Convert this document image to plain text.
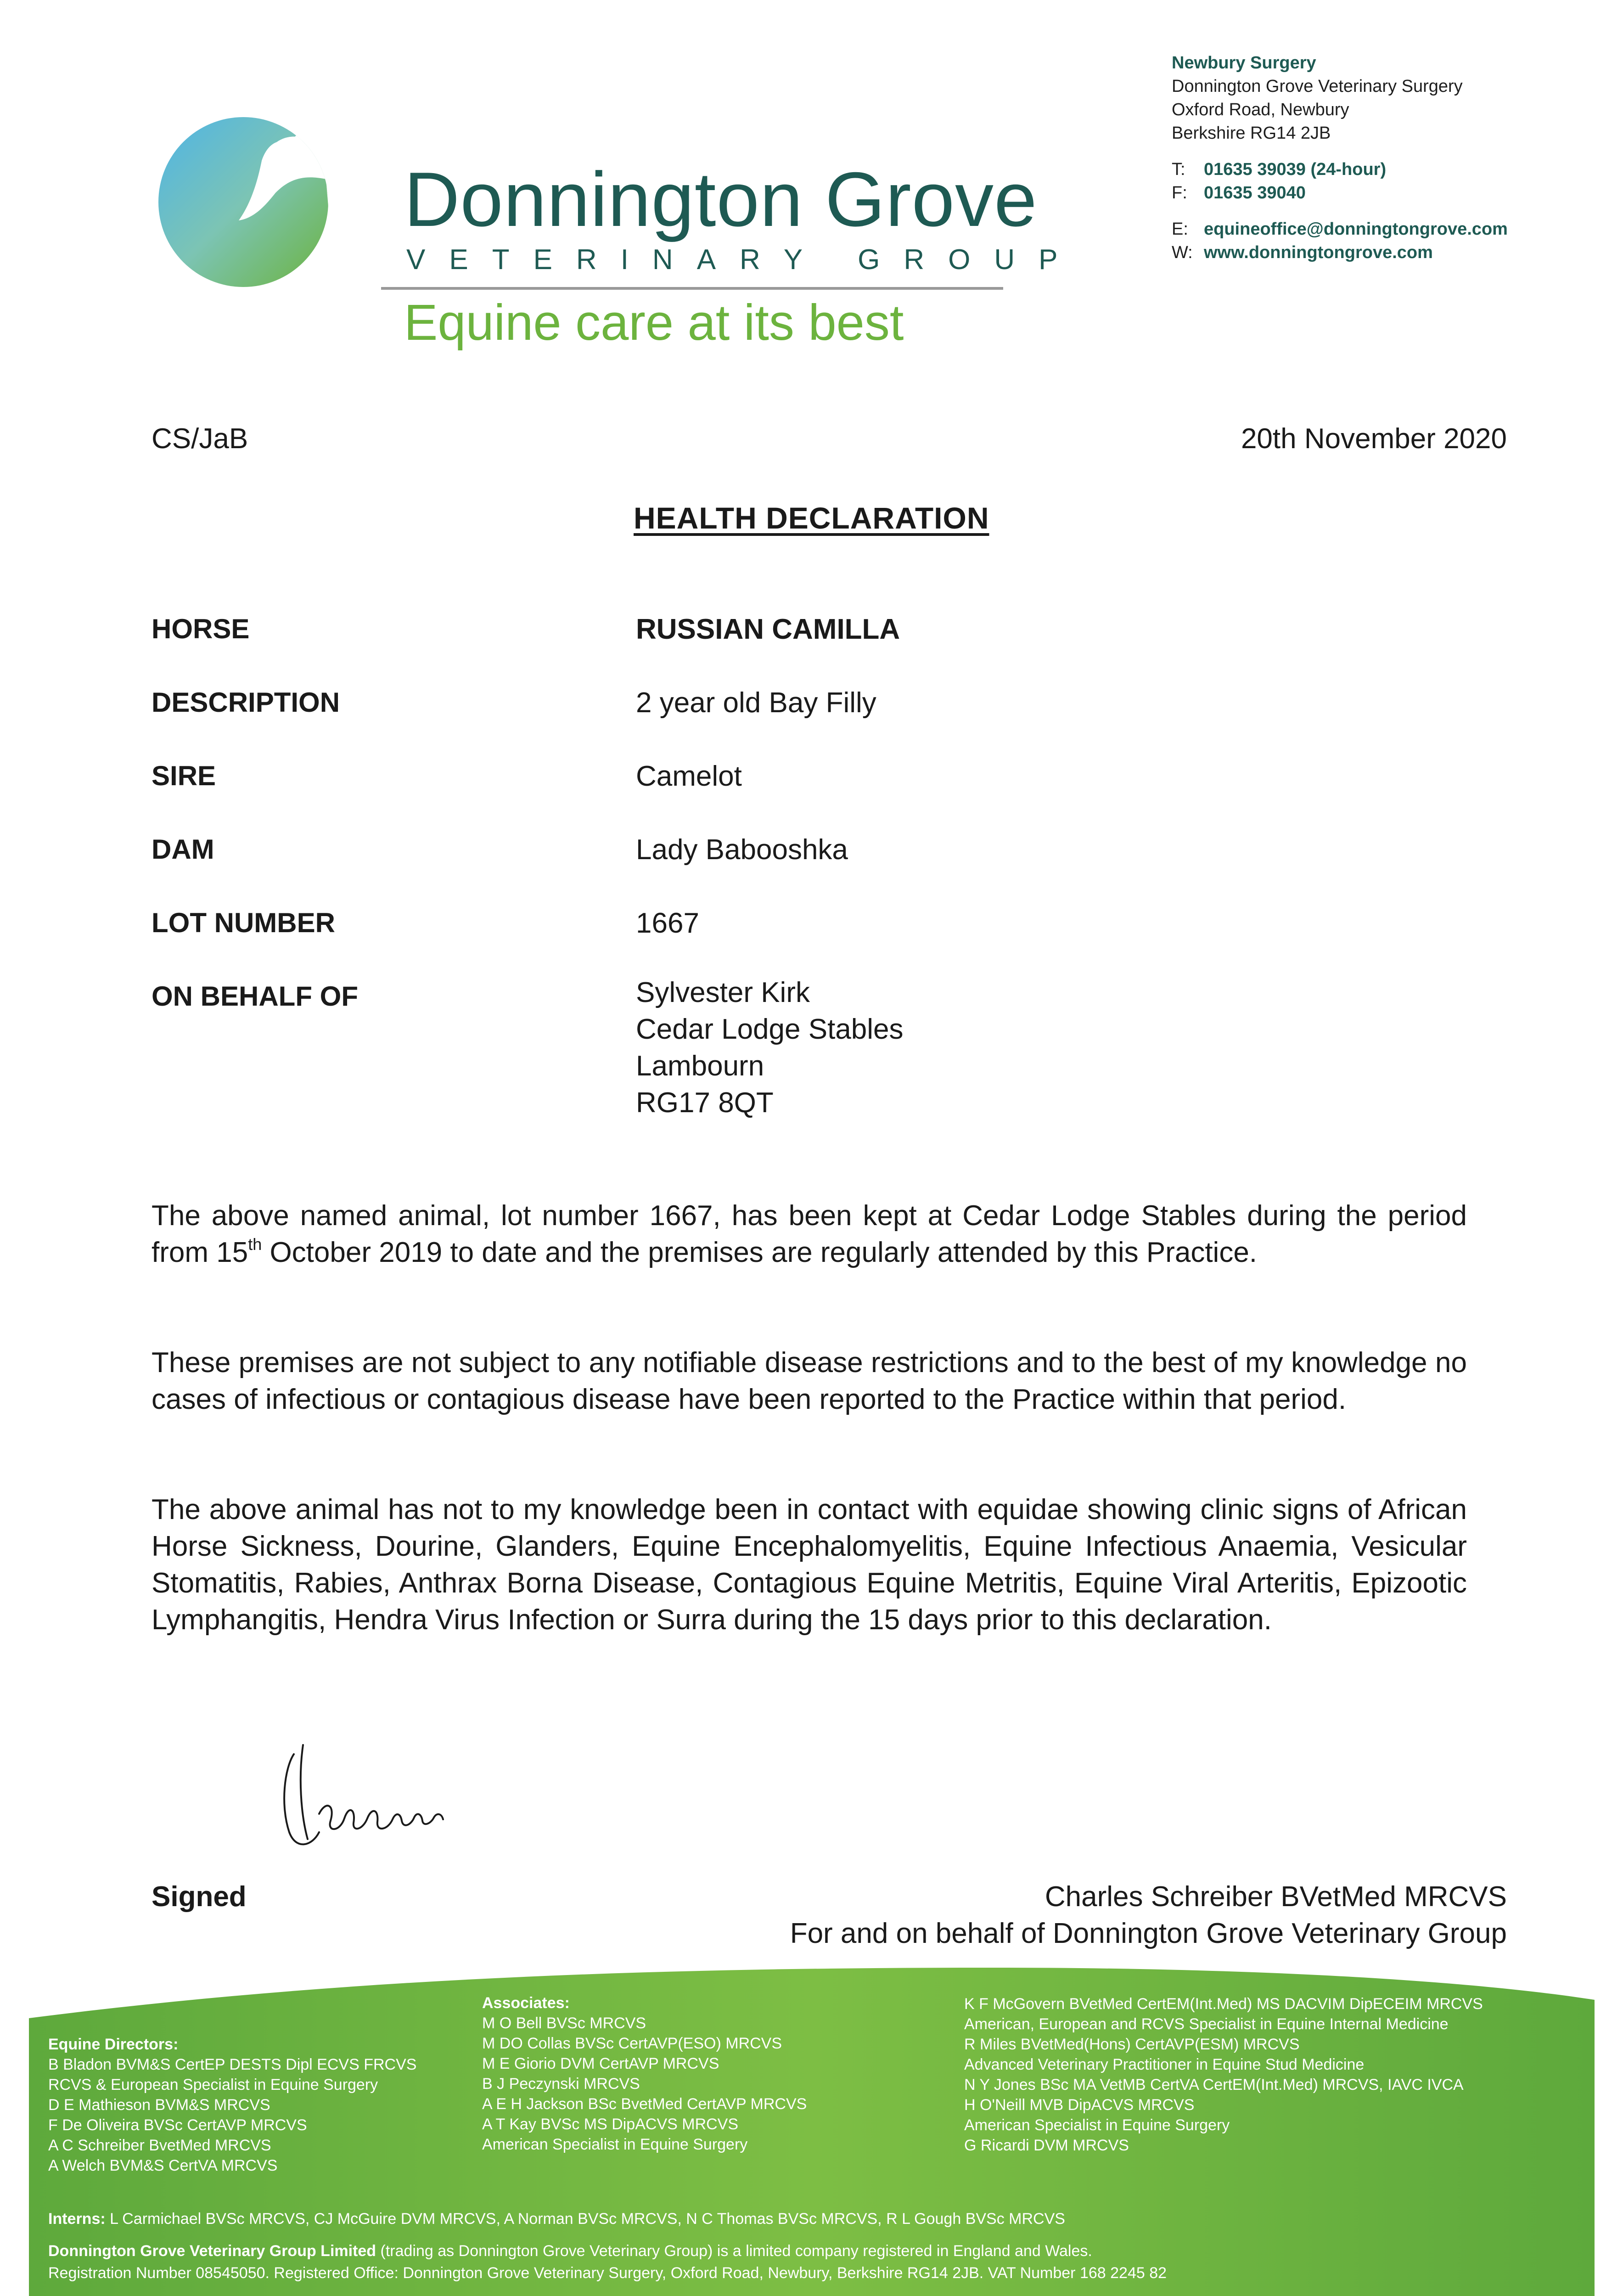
Donnington Grove
VETERINARY GROUP
Equine care at its best
Newbury Surgery
Donnington Grove Veterinary Surgery
Oxford Road, Newbury
Berkshire RG14 2JB
T: 01635 39039 (24-hour)
F: 01635 39040
E: equineoffice@donningtongrove.com
W: www.donningtongrove.com
CS/JaB	20th November 2020
HEALTH DECLARATION
HORSE	RUSSIAN CAMILLA
DESCRIPTION	2 year old Bay Filly
SIRE	Camelot
DAM	Lady Babooshka
LOT NUMBER	1667
ON BEHALF OF	Sylvester Kirk
Cedar Lodge Stables
Lambourn
RG17 8QT
The above named animal, lot number 1667, has been kept at Cedar Lodge Stables during the period from 15th October 2019 to date and the premises are regularly attended by this Practice.
These premises are not subject to any notifiable disease restrictions and to the best of my knowledge no cases of infectious or contagious disease have been reported to the Practice within that period.
The above animal has not to my knowledge been in contact with equidae showing clinic signs of African Horse Sickness, Dourine, Glanders, Equine Encephalomyelitis, Equine Infectious Anaemia, Vesicular Stomatitis, Rabies, Anthrax Borna Disease, Contagious Equine Metritis, Equine Viral Arteritis, Epizootic Lymphangitis, Hendra Virus Infection or Surra during the 15 days prior to this declaration.
Signed	Charles Schreiber BVetMed MRCVS
For and on behalf of Donnington Grove Veterinary Group
Equine Directors:
B Bladon BVM&S CertEP DESTS Dipl ECVS FRCVS
RCVS & European Specialist in Equine Surgery
D E Mathieson BVM&S MRCVS
F De Oliveira BVSc CertAVP MRCVS
A C Schreiber BvetMed MRCVS
A Welch BVM&S CertVA MRCVS
Associates:
M O Bell BVSc MRCVS
M DO Collas BVSc CertAVP(ESO) MRCVS
M E Giorio DVM CertAVP MRCVS
B J Peczynski MRCVS
A E H Jackson BSc BvetMed CertAVP MRCVS
A T Kay BVSc MS DipACVS MRCVS
American Specialist in Equine Surgery
K F McGovern BVetMed CertEM(Int.Med) MS DACVIM DipECEIM MRCVS
American, European and RCVS Specialist in Equine Internal Medicine
R Miles BVetMed(Hons) CertAVP(ESM) MRCVS
Advanced Veterinary Practitioner in Equine Stud Medicine
N Y Jones BSc MA VetMB CertVA CertEM(Int.Med) MRCVS, IAVC IVCA
H O'Neill MVB DipACVS MRCVS
American Specialist in Equine Surgery
G Ricardi DVM MRCVS
Interns: L Carmichael BVSc MRCVS, CJ McGuire DVM MRCVS, A Norman BVSc MRCVS, N C Thomas BVSc MRCVS, R L Gough BVSc MRCVS
Donnington Grove Veterinary Group Limited (trading as Donnington Grove Veterinary Group) is a limited company registered in England and Wales.
Registration Number 08545050. Registered Office: Donnington Grove Veterinary Surgery, Oxford Road, Newbury, Berkshire RG14 2JB. VAT Number 168 2245 82
